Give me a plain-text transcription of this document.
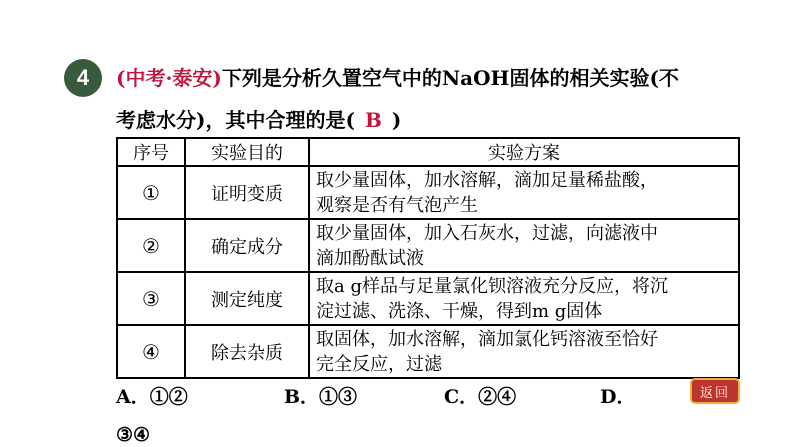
4	(中考·泰安)下列是分析久置空气中的NaOH固体的相关实验(不
考虑水分)，其中合理的是( B )
序号	实验目的	实验方案
①	证明变质	取少量固体，加水溶解，滴加足量稀盐酸，
观察是否有气泡产生
②	确定成分	取少量固体，加入石灰水，过滤，向滤液中
滴加酚酞试液
③	测定纯度	取a g样品与足量氯化钡溶液充分反应，将沉
淀过滤、洗涤、干燥，得到m g固体
④	除去杂质	取固体，加水溶解，滴加氯化钙溶液至恰好
完全反应，过滤
A．①②	B．①③	C．②④	D．
③④
返回
